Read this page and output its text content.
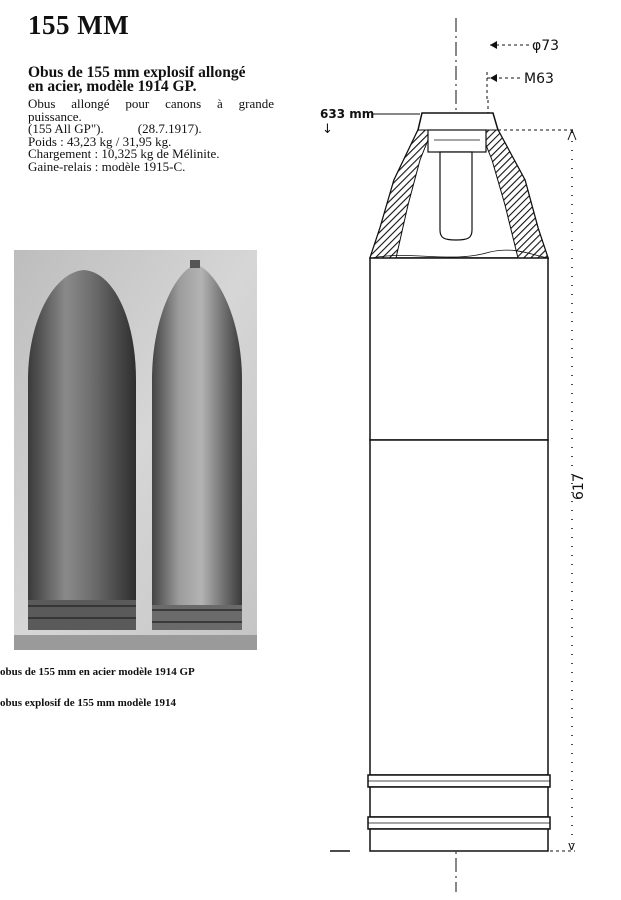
155 MM
Obus de 155 mm explosif allongé
en acier, modèle 1914 GP.
Obus allongé pour canons à grande
puissance.
(155 All GP").	(28.7.1917).
Poids : 43,23 kg / 31,95 kg.
Chargement : 10,325 kg de Mélinite.
Gaine-relais : modèle 1915-C.
obus de 155 mm en acier modèle 1914 GP
obus explosif de 155 mm modèle 1914
φ73
M63
633 mm
↓
617
v
